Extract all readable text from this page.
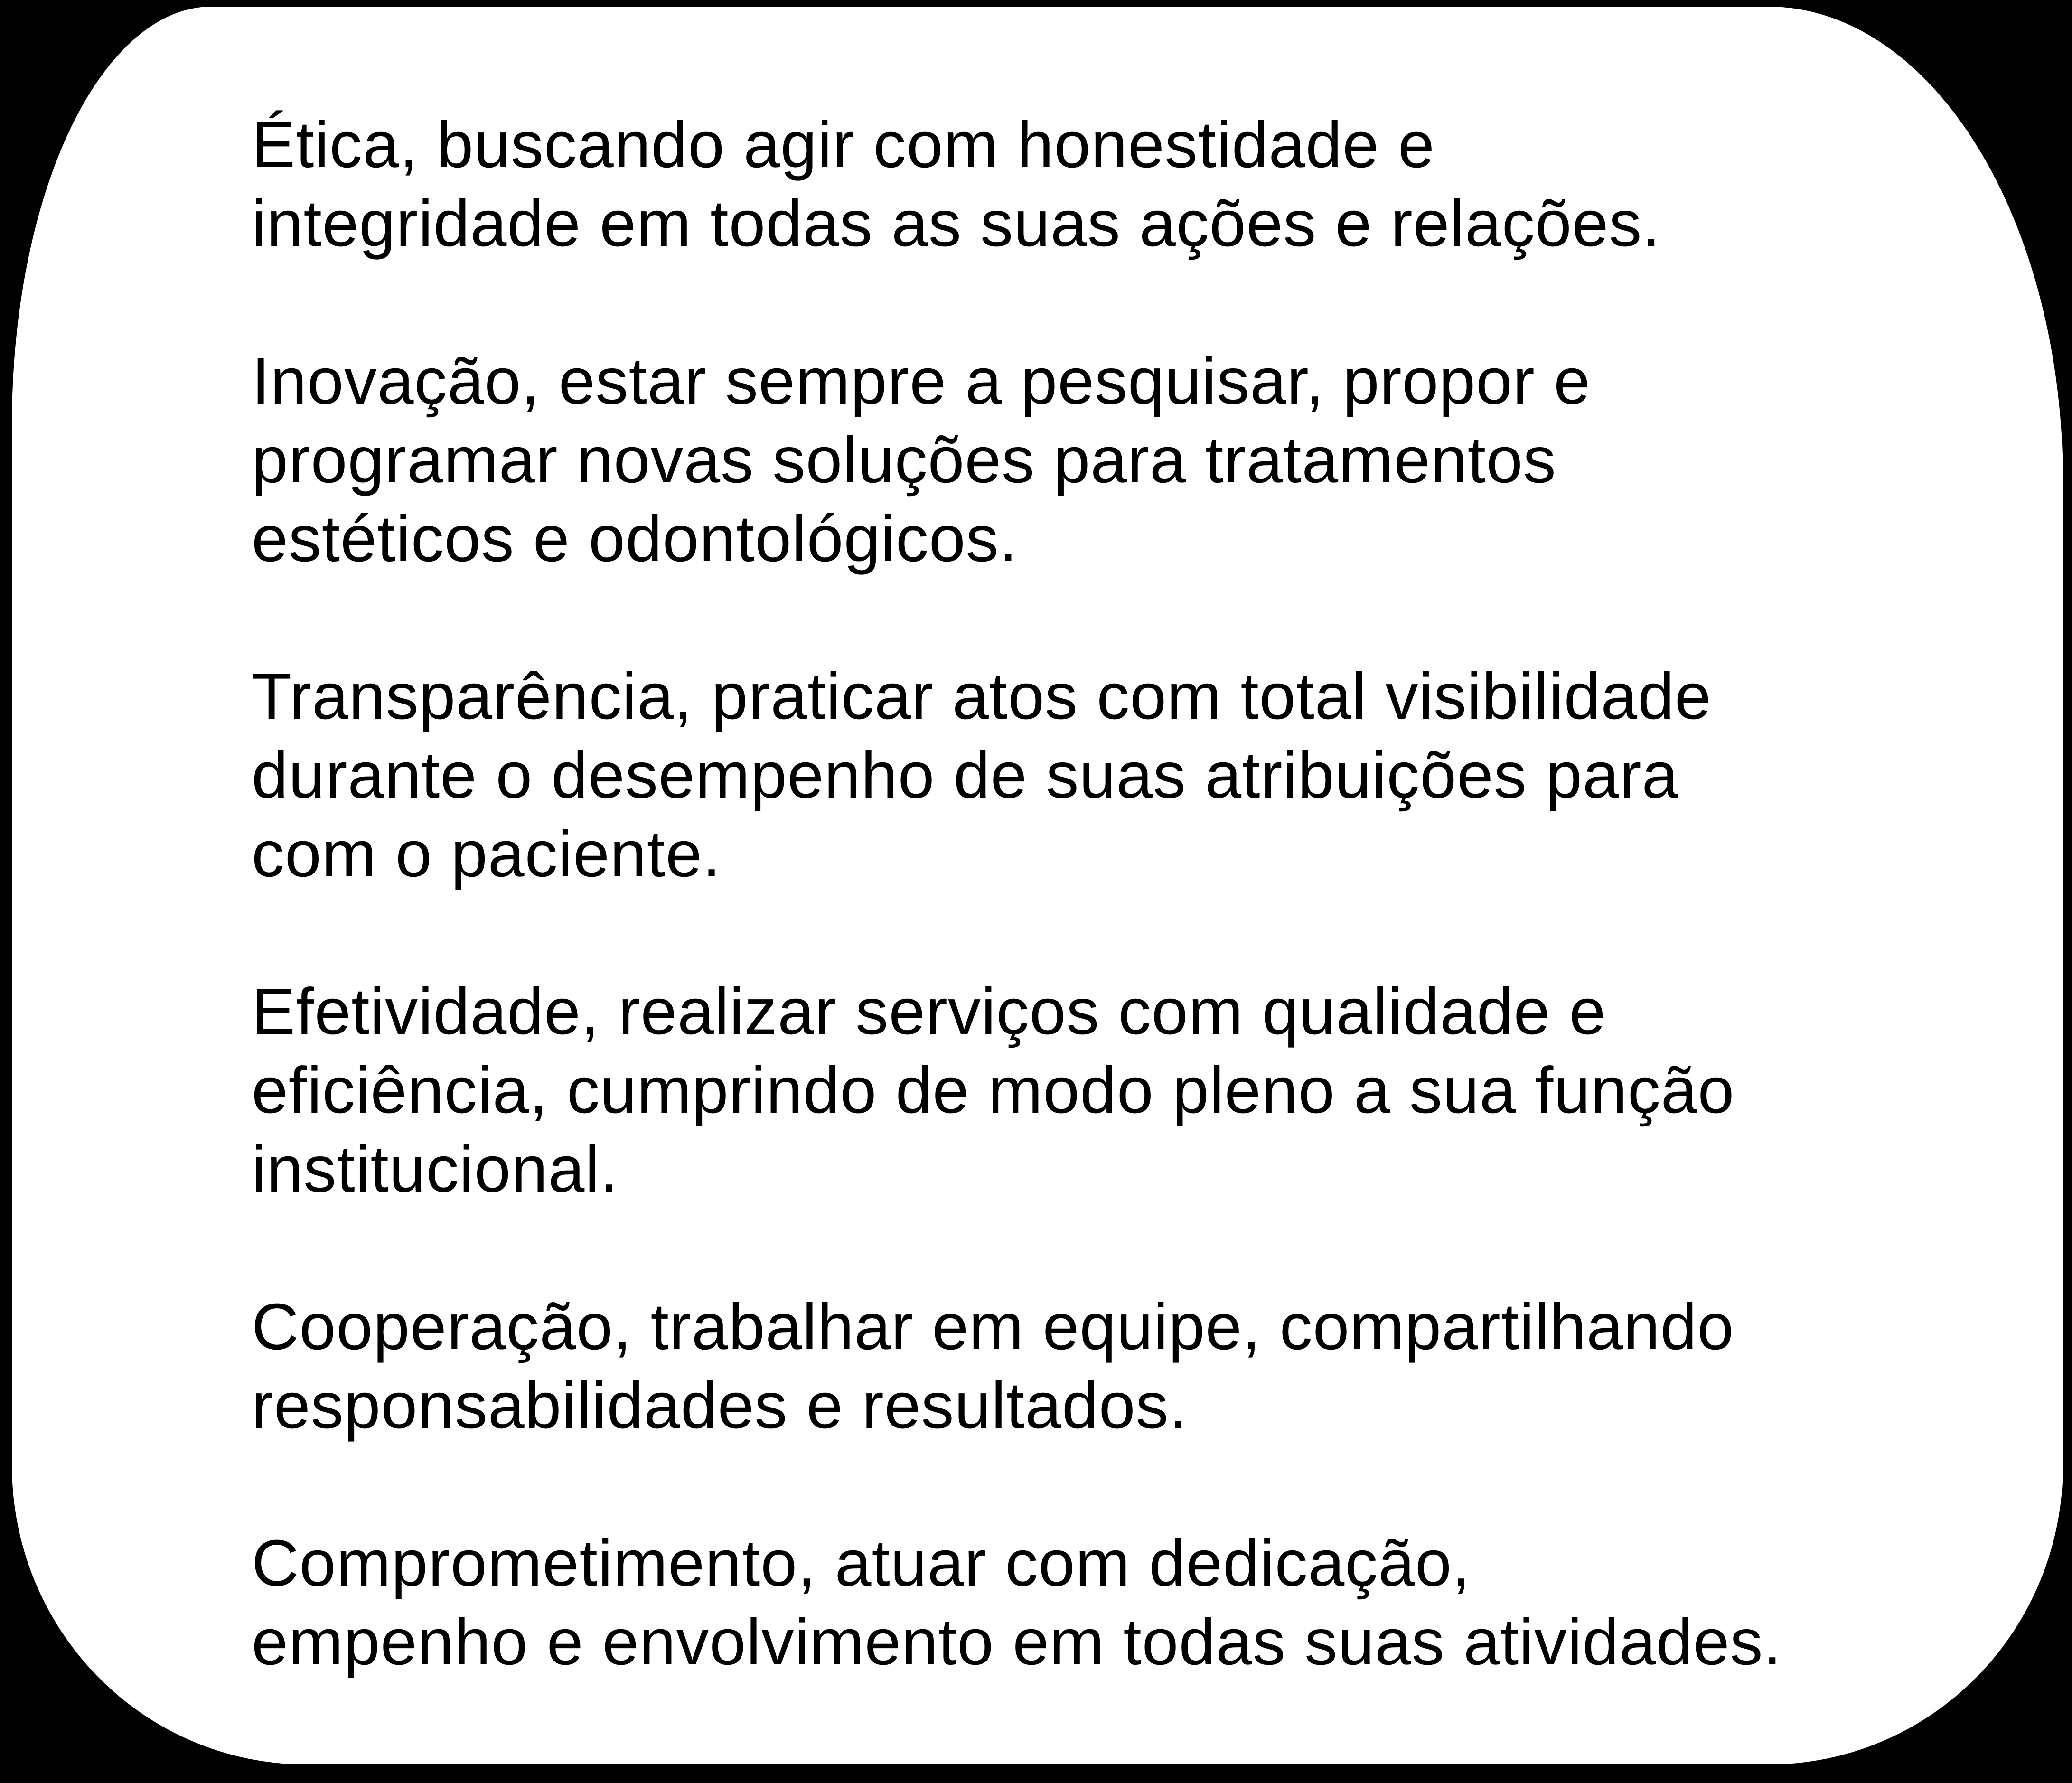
Ética, buscando agir com honestidade e
integridade em todas as suas ações e relações.
Inovação, estar sempre a pesquisar, propor e
programar novas soluções para tratamentos
estéticos e odontológicos.
Transparência, praticar atos com total visibilidade
durante o desempenho de suas atribuições para
com o paciente.
Efetividade, realizar serviços com qualidade e
eficiência, cumprindo de modo pleno a sua função
institucional.
Cooperação, trabalhar em equipe, compartilhando
responsabilidades e resultados.
Comprometimento, atuar com dedicação,
empenho e envolvimento em todas suas atividades.
